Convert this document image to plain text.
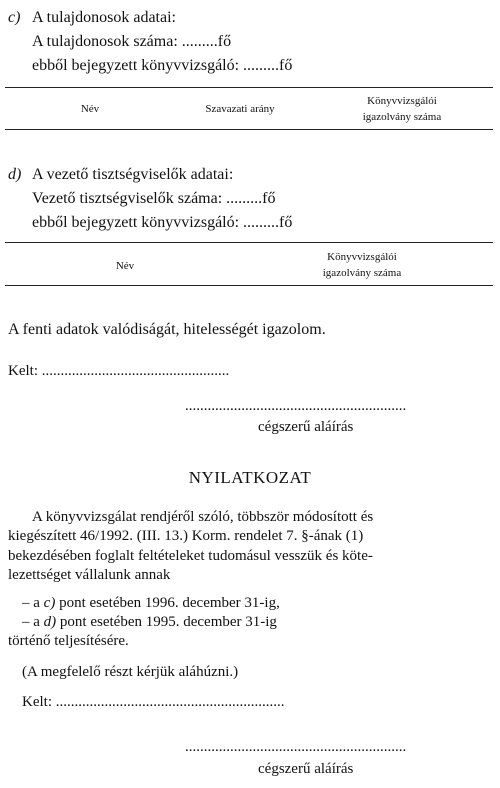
c) A tulajdonosok adatai:
A tulajdonosok száma: .........fő
ebből bejegyzett könyvvizsgáló: .........fő
Név	Szavazati arány
Könyvvizsgálói
igazolvány száma
d) A vezető tisztségviselők adatai:
Vezető tisztségviselők száma: .........fő
ebből bejegyzett könyvvizsgáló: .........fő
Név
Könyvvizsgálói
igazolvány száma
A fenti adatok valódiságát, hitelességét igazolom.
Kelt: ..................................................
...........................................................
cégszerű aláírás
NYILATKOZAT
A könyvvizsgálat rendjéről szóló, többször módosított és
kiegészített 46/1992. (III. 13.) Korm. rendelet 7. §-ának (1)
bekezdésében foglalt feltételeket tudomásul vesszük és köte-
lezettséget vállalunk annak
– a c) pont esetében 1996. december 31-ig,
– a d) pont esetében 1995. december 31-ig
történő teljesítésére.
(A megfelelő részt kérjük aláhúzni.)
Kelt: .............................................................
...........................................................
cégszerű aláírás
